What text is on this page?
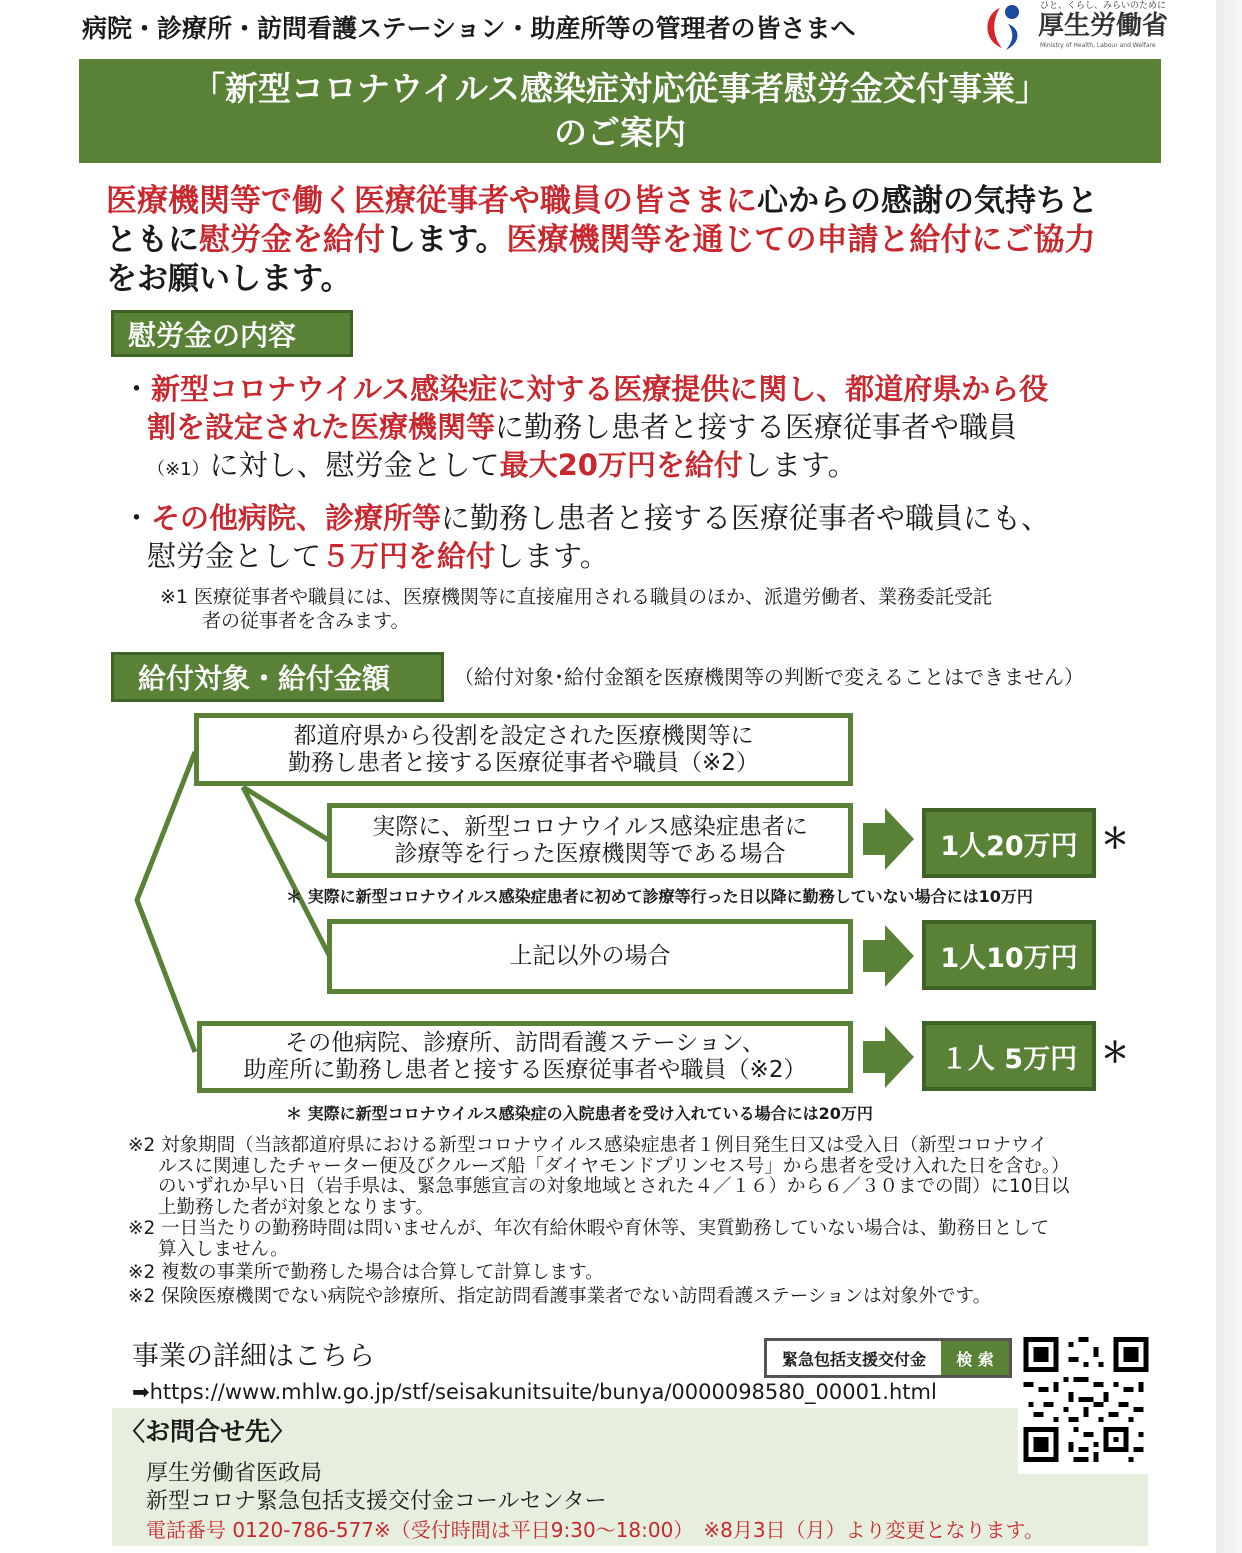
病院・診療所・訪問看護ステーション・助産所等の管理者の皆さまへ
ひと、くらし、みらいのために
厚生労働省
Ministry of Health, Labour and Welfare
「新型コロナウイルス感染症対応従事者慰労金交付事業」
のご案内
医療機関等で働く医療従事者や職員の皆さまに心からの感謝の気持ちと
ともに慰労金を給付します。医療機関等を通じての申請と給付にご協力
をお願いします。
慰労金の内容
・新型コロナウイルス感染症に対する医療提供に関し、都道府県から役
割を設定された医療機関等に勤務し患者と接する医療従事者や職員
（※1）に対し、慰労金として最大20万円を給付します。
・その他病院、診療所等に勤務し患者と接する医療従事者や職員にも、
慰労金として５万円を給付します。
※1 医療従事者や職員には、医療機関等に直接雇用される職員のほか、派遣労働者、業務委託受託
者の従事者を含みます。
給付対象・給付金額	（給付対象･給付金額を医療機関等の判断で変えることはできません）
都道府県から役割を設定された医療機関等に
勤務し患者と接する医療従事者や職員（※2）
実際に、新型コロナウイルス感染症患者に
診療等を行った医療機関等である場合	1人20万円 ＊
＊ 実際に新型コロナウイルス感染症患者に初めて診療等行った日以降に勤務していない場合には10万円
上記以外の場合	1人10万円
その他病院、診療所、訪問看護ステーション、
助産所に勤務し患者と接する医療従事者や職員（※2）	１人 5万円 ＊
＊ 実際に新型コロナウイルス感染症の入院患者を受け入れている場合には20万円
※2 対象期間（当該都道府県における新型コロナウイルス感染症患者１例目発生日又は受入日（新型コロナウイ
ルスに関連したチャーター便及びクルーズ船「ダイヤモンドプリンセス号」から患者を受け入れた日を含む。）
のいずれか早い日（岩手県は、緊急事態宣言の対象地域とされた４／１６）から６／３０までの間）に10日以
上勤務した者が対象となります。
※2 一日当たりの勤務時間は問いませんが、年次有給休暇や育休等、実質勤務していない場合は、勤務日として
算入しません。
※2 複数の事業所で勤務した場合は合算して計算します。
※2 保険医療機関でない病院や診療所、指定訪問看護事業者でない訪問看護ステーションは対象外です。
事業の詳細はこちら
➡https://www.mhlw.go.jp/stf/seisakunitsuite/bunya/0000098580_00001.html
緊急包括支援交付金	検 索
〈お問合せ先〉
厚生労働省医政局
新型コロナ緊急包括支援交付金コールセンター
電話番号 0120-786-577※（受付時間は平日9:30～18:00）　※8月3日（月）より変更となります。
